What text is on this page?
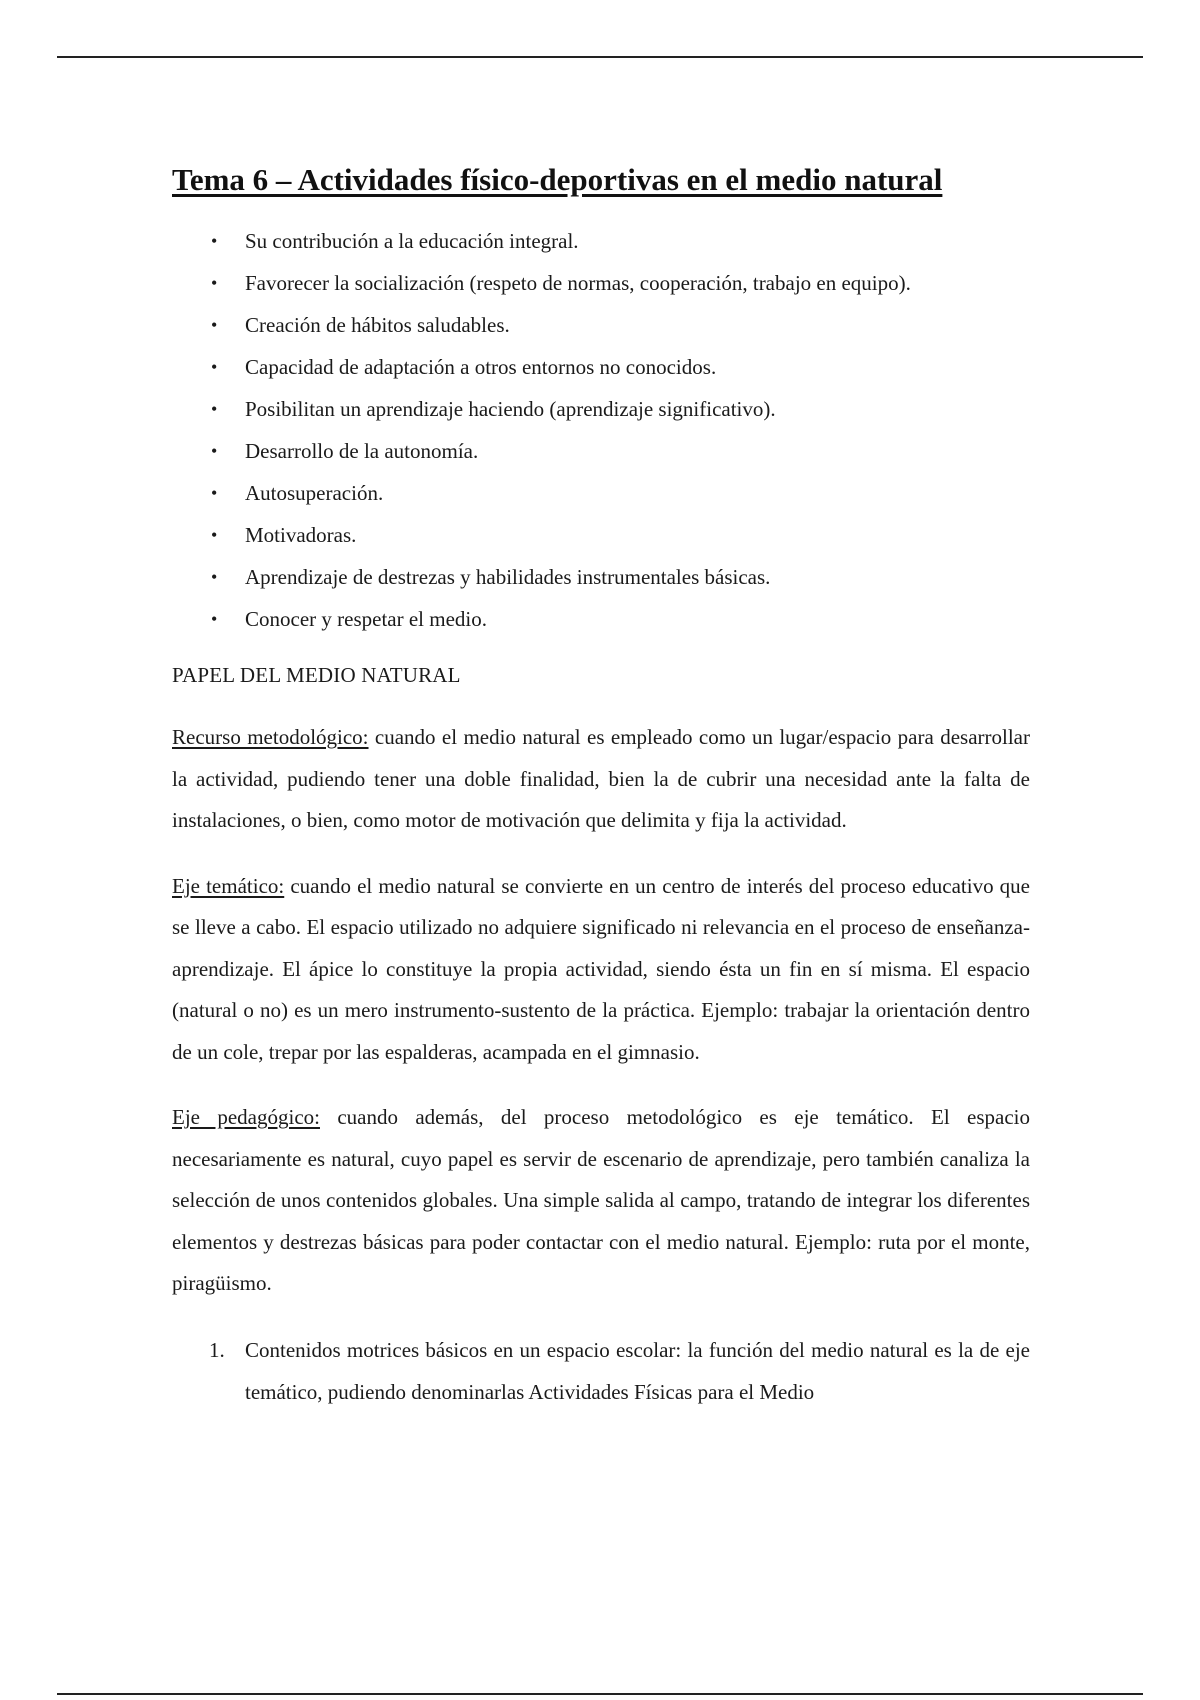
Tema 6 – Actividades físico-deportivas en el medio natural
• Su contribución a la educación integral.
• Favorecer la socialización (respeto de normas, cooperación, trabajo en equipo).
• Creación de hábitos saludables.
• Capacidad de adaptación a otros entornos no conocidos.
• Posibilitan un aprendizaje haciendo (aprendizaje significativo).
• Desarrollo de la autonomía.
• Autosuperación.
• Motivadoras.
• Aprendizaje de destrezas y habilidades instrumentales básicas.
• Conocer y respetar el medio.

PAPEL DEL MEDIO NATURAL

Recurso metodológico: cuando el medio natural es empleado como un lugar/espacio para desarrollar la actividad, pudiendo tener una doble finalidad, bien la de cubrir una necesidad ante la falta de instalaciones, o bien, como motor de motivación que delimita y fija la actividad.

Eje temático: cuando el medio natural se convierte en un centro de interés del proceso educativo que se lleve a cabo. El espacio utilizado no adquiere significado ni relevancia en el proceso de enseñanza-aprendizaje. El ápice lo constituye la propia actividad, siendo ésta un fin en sí misma. El espacio (natural o no) es un mero instrumento-sustento de la práctica. Ejemplo: trabajar la orientación dentro de un cole, trepar por las espalderas, acampada en el gimnasio.

Eje pedagógico: cuando además, del proceso metodológico es eje temático. El espacio necesariamente es natural, cuyo papel es servir de escenario de aprendizaje, pero también canaliza la selección de unos contenidos globales. Una simple salida al campo, tratando de integrar los diferentes elementos y destrezas básicas para poder contactar con el medio natural. Ejemplo: ruta por el monte, piragüismo.

1. Contenidos motrices básicos en un espacio escolar: la función del medio natural es la de eje temático, pudiendo denominarlas Actividades Físicas para el Medio
